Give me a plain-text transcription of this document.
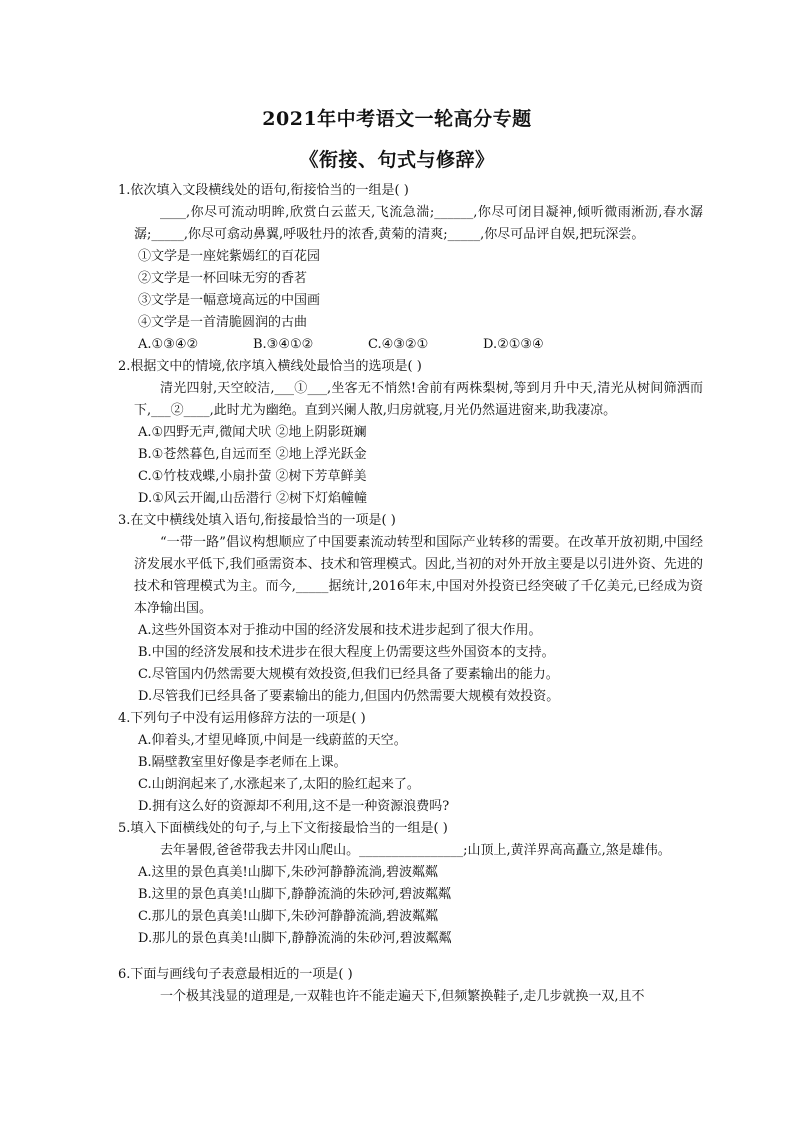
2021年中考语文一轮高分专题
《衔接、句式与修辞》

1.依次填入文段横线处的语句,衔接恰当的一组是( )

____,你尽可流动明眸,欣赏白云蓝天,飞流急湍;______,你尽可闭目凝神,倾听微雨淅沥,春水潺潺;_____,你尽可翕动鼻翼,呼吸牡丹的浓香,黄菊的清爽;_____,你尽可品评自娱,把玩深尝。

①文学是一座姹紫嫣红的百花园

②文学是一杯回味无穷的香茗

③文学是一幅意境高远的中国画

④文学是一首清脆圆润的古曲

A.①③④②	B.③④①②	C.④③②①	D.②①③④

2.根据文中的情境,依序填入横线处最恰当的选项是( )

清光四射,天空皎洁,___①___,坐客无不悄然!舍前有两株梨树,等到月升中天,清光从树间筛洒而下,___②____,此时尤为幽绝。直到兴阑人散,归房就寝,月光仍然逼进窗来,助我凄凉。

A.①四野无声,微闻犬吠 ②地上阴影斑斓

B.①苍然暮色,自远而至 ②地上浮光跃金

C.①竹枝戏蝶,小扇扑萤 ②树下芳草鲜美

D.①风云开阖,山岳潜行 ②树下灯焰幢幢

3.在文中横线处填入语句,衔接最恰当的一项是( )

“一带一路”倡议构想顺应了中国要素流动转型和国际产业转移的需要。在改革开放初期,中国经济发展水平低下,我们亟需资本、技术和管理模式。因此,当初的对外开放主要是以引进外资、先进的技术和管理模式为主。而今,_____据统计,2016年末,中国对外投资已经突破了千亿美元,已经成为资本净输出国。

A.这些外国资本对于推动中国的经济发展和技术进步起到了很大作用。

B.中国的经济发展和技术进步在很大程度上仍需要这些外国资本的支持。

C.尽管国内仍然需要大规模有效投资,但我们已经具备了要素输出的能力。

D.尽管我们已经具备了要素输出的能力,但国内仍然需要大规模有效投资。

4.下列句子中没有运用修辞方法的一项是( )

A.仰着头,才望见峰顶,中间是一线蔚蓝的天空。

B.隔壁教室里好像是李老师在上课。

C.山朗润起来了,水涨起来了,太阳的脸红起来了。

D.拥有这么好的资源却不利用,这不是一种资源浪费吗?

5.填入下面横线处的句子,与上下文衔接最恰当的一组是( )

去年暑假,爸爸带我去井冈山爬山。________________;山顶上,黄洋界高高矗立,煞是雄伟。

A.这里的景色真美!山脚下,朱砂河静静流淌,碧波粼粼

B.这里的景色真美!山脚下,静静流淌的朱砂河,碧波粼粼

C.那儿的景色真美!山脚下,朱砂河静静流淌,碧波粼粼

D.那儿的景色真美!山脚下,静静流淌的朱砂河,碧波粼粼

6.下面与画线句子表意最相近的一项是( )

一个极其浅显的道理是,一双鞋也许不能走遍天下,但频繁换鞋子,走几步就换一双,且不
